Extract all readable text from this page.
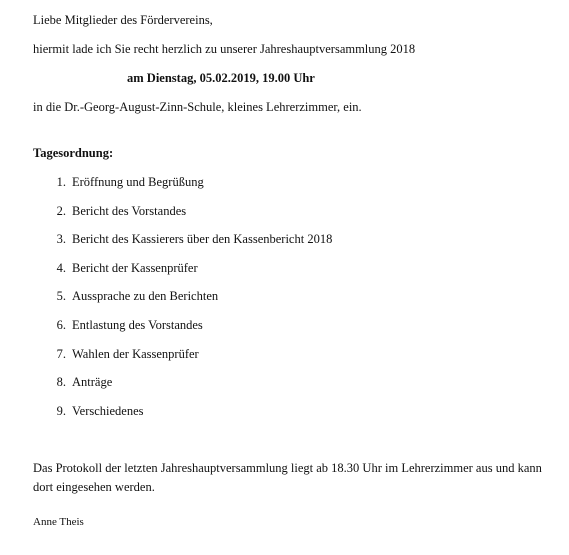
Liebe Mitglieder des Fördervereins,
hiermit lade ich Sie recht herzlich zu unserer Jahreshauptversammlung 2018
am Dienstag, 05.02.2019, 19.00 Uhr
in die Dr.-Georg-August-Zinn-Schule, kleines Lehrerzimmer, ein.
Tagesordnung:
1. Eröffnung und Begrüßung
2. Bericht des Vorstandes
3. Bericht des Kassierers über den Kassenbericht 2018
4. Bericht der Kassenprüfer
5. Aussprache zu den Berichten
6. Entlastung des Vorstandes
7. Wahlen der Kassenprüfer
8. Anträge
9. Verschiedenes
Das Protokoll der letzten Jahreshauptversammlung liegt ab 18.30 Uhr im Lehrerzimmer aus und kann dort eingesehen werden.
Anne Theis
